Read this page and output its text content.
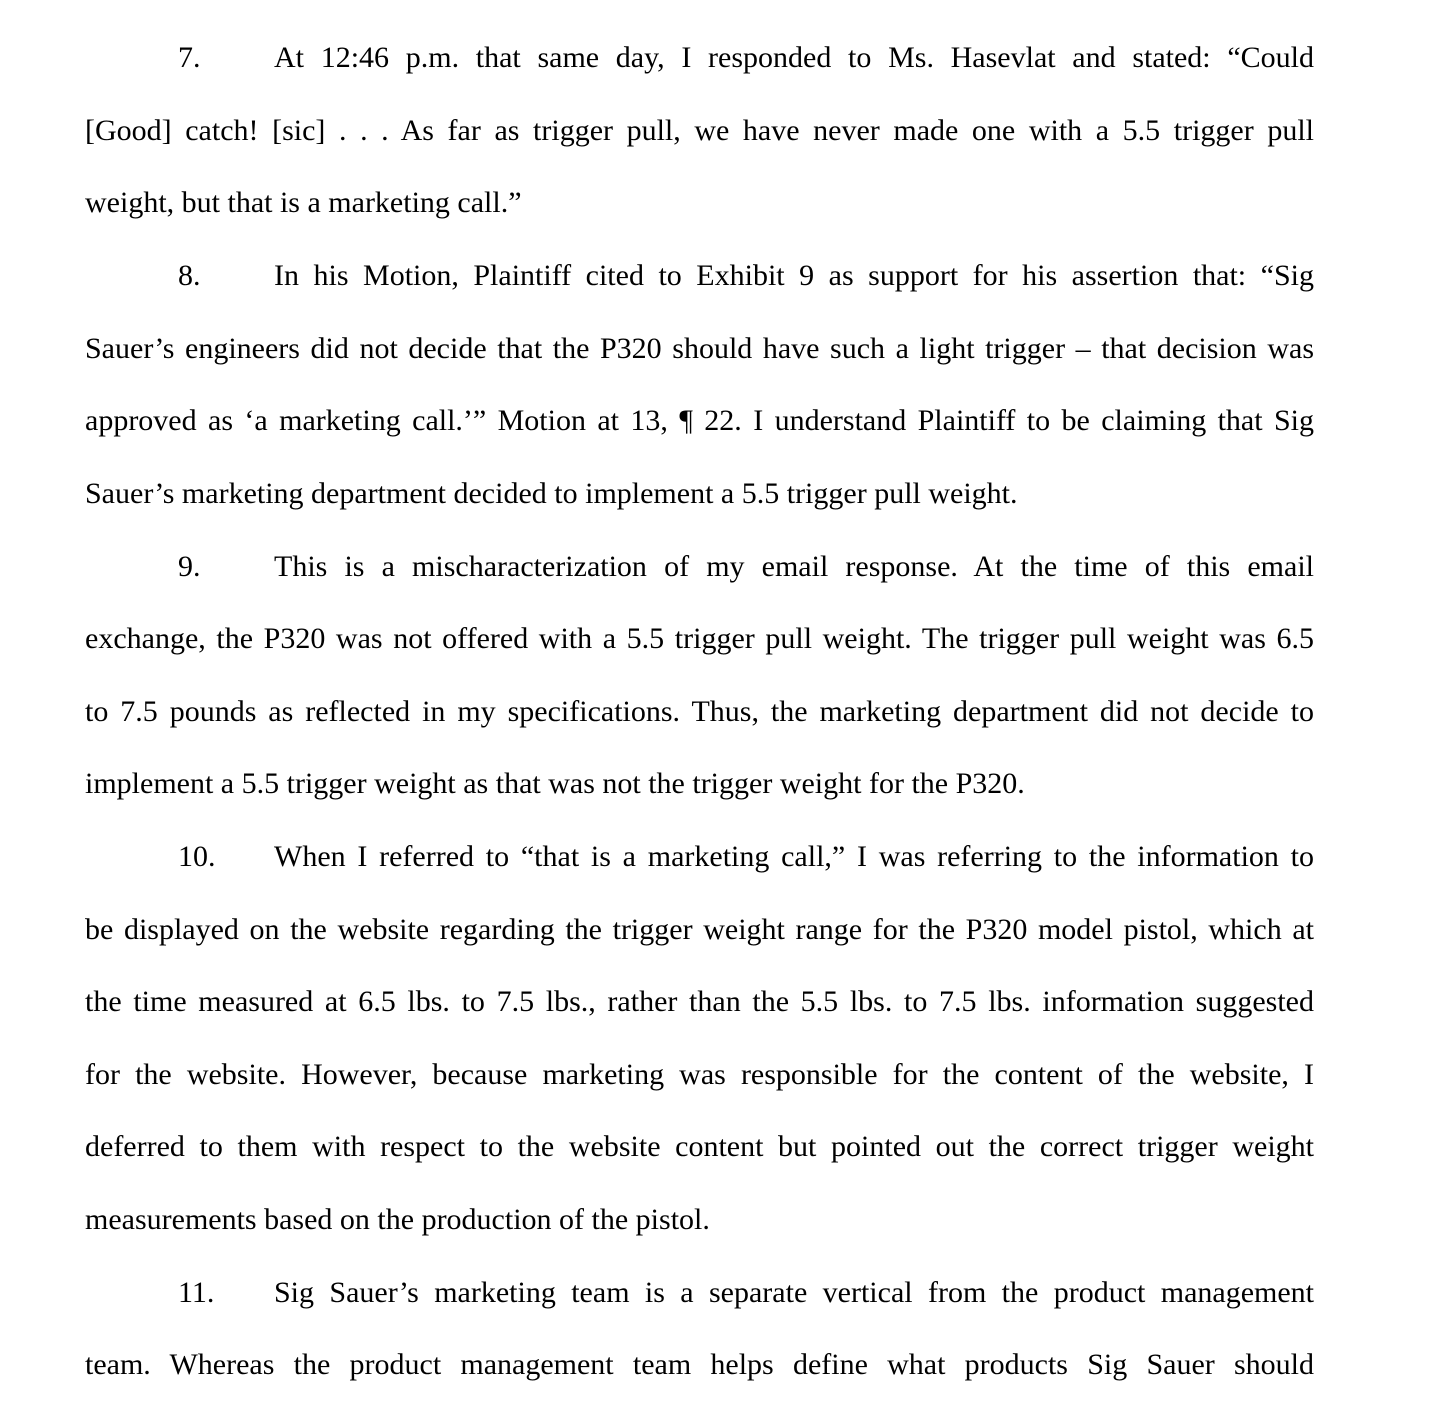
7. At 12:46 p.m. that same day, I responded to Ms. Hasevlat and stated: “Could
[Good] catch! [sic] . . . As far as trigger pull, we have never made one with a 5.5 trigger pull
weight, but that is a marketing call.”
8. In his Motion, Plaintiff cited to Exhibit 9 as support for his assertion that: “Sig
Sauer’s engineers did not decide that the P320 should have such a light trigger – that decision was
approved as ‘a marketing call.’” Motion at 13, ¶ 22. I understand Plaintiff to be claiming that Sig
Sauer’s marketing department decided to implement a 5.5 trigger pull weight.
9. This is a mischaracterization of my email response. At the time of this email
exchange, the P320 was not offered with a 5.5 trigger pull weight. The trigger pull weight was 6.5
to 7.5 pounds as reflected in my specifications. Thus, the marketing department did not decide to
implement a 5.5 trigger weight as that was not the trigger weight for the P320.
10. When I referred to “that is a marketing call,” I was referring to the information to
be displayed on the website regarding the trigger weight range for the P320 model pistol, which at
the time measured at 6.5 lbs. to 7.5 lbs., rather than the 5.5 lbs. to 7.5 lbs. information suggested
for the website. However, because marketing was responsible for the content of the website, I
deferred to them with respect to the website content but pointed out the correct trigger weight
measurements based on the production of the pistol.
11. Sig Sauer’s marketing team is a separate vertical from the product management
team. Whereas the product management team helps define what products Sig Sauer should
